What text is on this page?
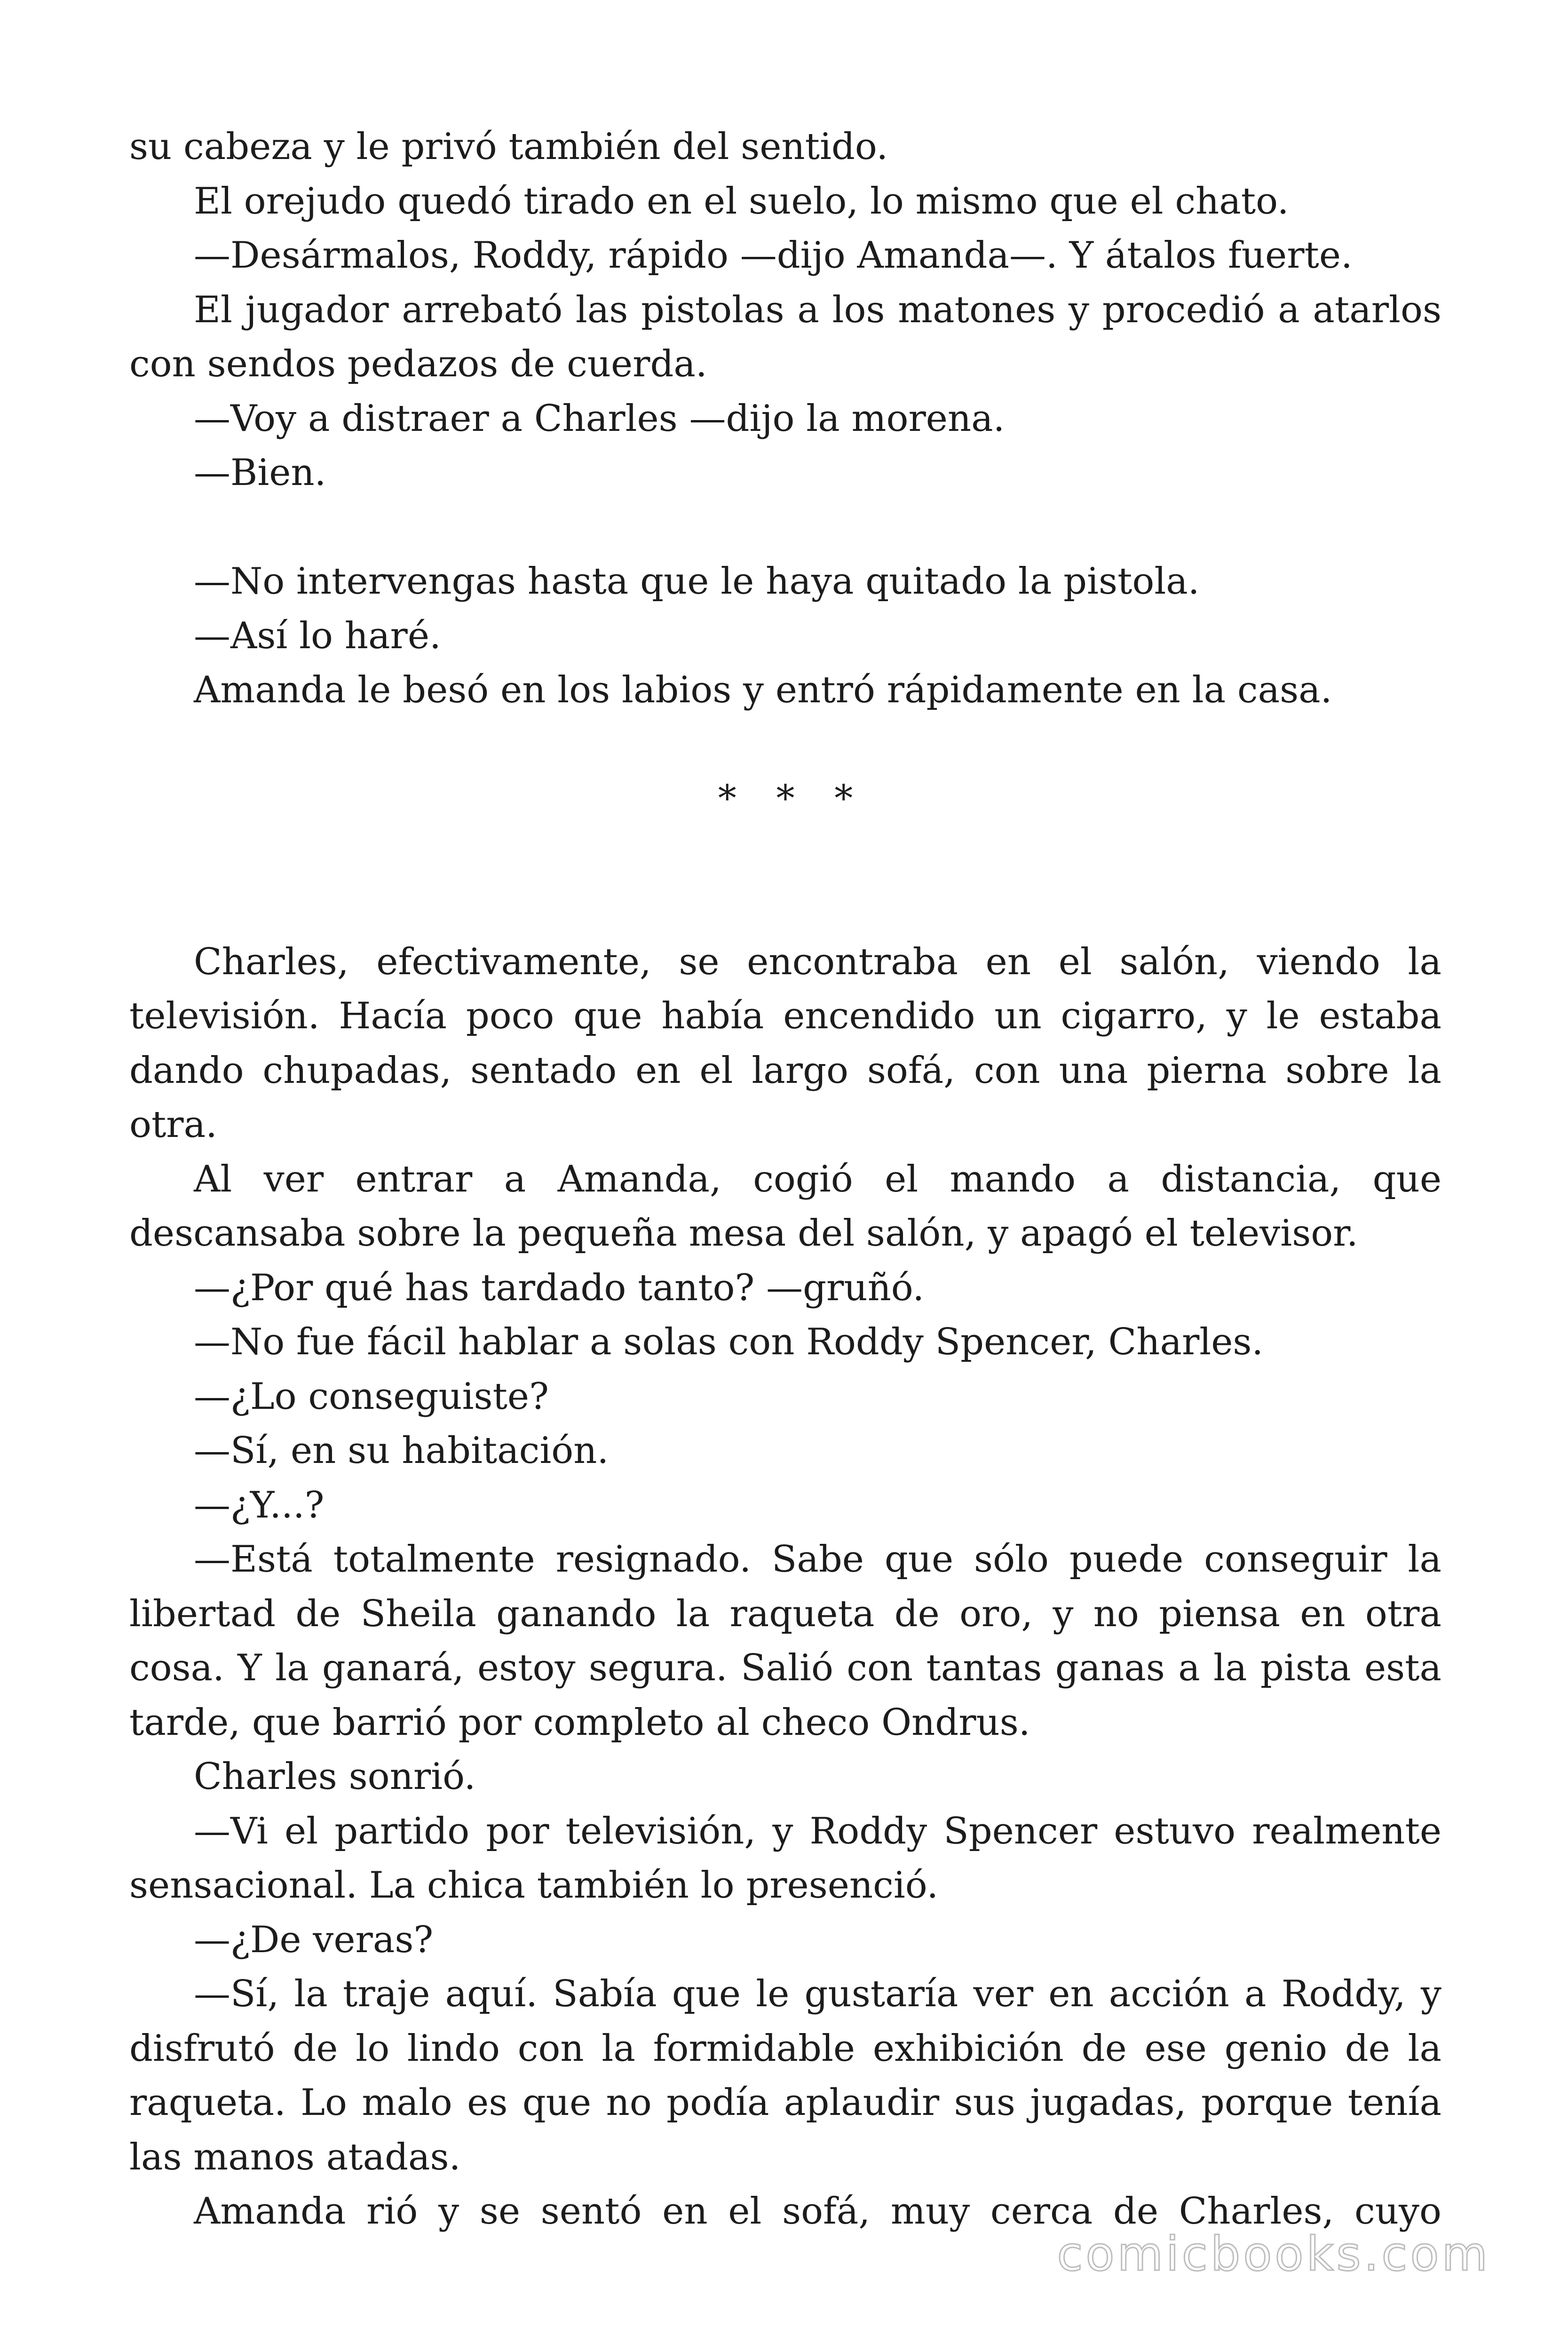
su cabeza y le privó también del sentido.

El orejudo quedó tirado en el suelo, lo mismo que el chato.

—Desármalos, Roddy, rápido —dijo Amanda—. Y átalos fuerte.

El jugador arrebató las pistolas a los matones y procedió a atarlos con sendos pedazos de cuerda.

—Voy a distraer a Charles —dijo la morena.

—Bien.

—No intervengas hasta que le haya quitado la pistola.

—Así lo haré.

Amanda le besó en los labios y entró rápidamente en la casa.

* * *

Charles, efectivamente, se encontraba en el salón, viendo la televisión. Hacía poco que había encendido un cigarro, y le estaba dando chupadas, sentado en el largo sofá, con una pierna sobre la otra.

Al ver entrar a Amanda, cogió el mando a distancia, que descansaba sobre la pequeña mesa del salón, y apagó el televisor.

—¿Por qué has tardado tanto? —gruñó.

—No fue fácil hablar a solas con Roddy Spencer, Charles.

—¿Lo conseguiste?

—Sí, en su habitación.

—¿Y...?

—Está totalmente resignado. Sabe que sólo puede conseguir la libertad de Sheila ganando la raqueta de oro, y no piensa en otra cosa. Y la ganará, estoy segura. Salió con tantas ganas a la pista esta tarde, que barrió por completo al checo Ondrus.

Charles sonrió.

—Vi el partido por televisión, y Roddy Spencer estuvo realmente sensacional. La chica también lo presenció.

—¿De veras?

—Sí, la traje aquí. Sabía que le gustaría ver en acción a Roddy, y disfrutó de lo lindo con la formidable exhibición de ese genio de la raqueta. Lo malo es que no podía aplaudir sus jugadas, porque tenía las manos atadas.

Amanda rió y se sentó en el sofá, muy cerca de Charles, cuyo

comicbooks.com
